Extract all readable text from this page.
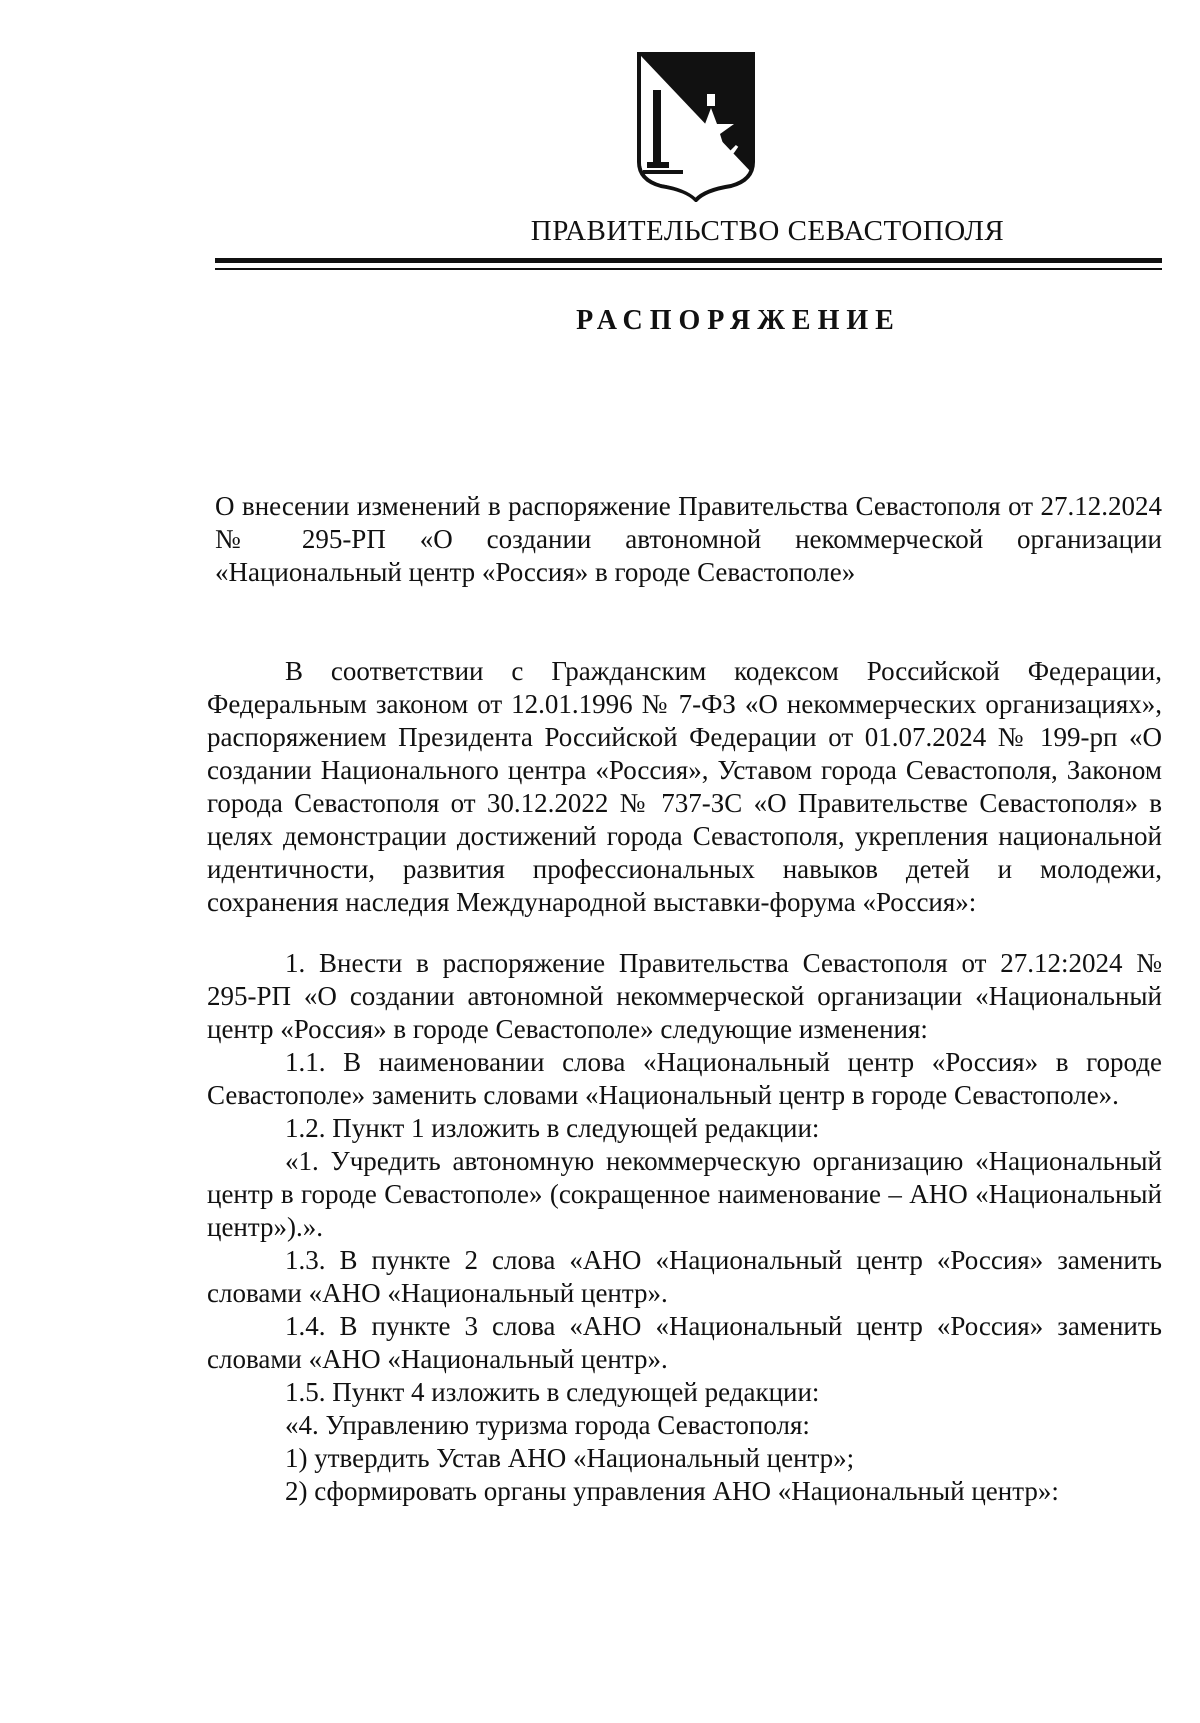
ПРАВИТЕЛЬСТВО СЕВАСТОПОЛЯ
РАСПОРЯЖЕНИЕ
О внесении изменений в распоряжение Правительства Севастополя от 27.12.2024 № 295-РП «О создании автономной некоммерческой организации «Национальный центр «Россия» в городе Севастополе»

В соответствии с Гражданским кодексом Российской Федерации, Федеральным законом от 12.01.1996 № 7-ФЗ «О некоммерческих организациях», распоряжением Президента Российской Федерации от 01.07.2024 № 199-рп «О создании Национального центра «Россия», Уставом города Севастополя, Законом города Севастополя от 30.12.2022 № 737-ЗС «О Правительстве Севастополя» в целях демонстрации достижений города Севастополя, укрепления национальной идентичности, развития профессиональных навыков детей и молодежи, сохранения наследия Международной выставки-форума «Россия»:

1. Внести в распоряжение Правительства Севастополя от 27.12:2024 № 295-РП «О создании автономной некоммерческой организации «Национальный центр «Россия» в городе Севастополе» следующие изменения:

1.1. В наименовании слова «Национальный центр «Россия» в городе Севастополе» заменить словами «Национальный центр в городе Севастополе».

1.2. Пункт 1 изложить в следующей редакции:

«1. Учредить автономную некоммерческую организацию «Национальный центр в городе Севастополе» (сокращенное наименование – АНО «Национальный центр»).».

1.3. В пункте 2 слова «АНО «Национальный центр «Россия» заменить словами «АНО «Национальный центр».

1.4. В пункте 3 слова «АНО «Национальный центр «Россия» заменить словами «АНО «Национальный центр».

1.5. Пункт 4 изложить в следующей редакции:

«4. Управлению туризма города Севастополя:

1) утвердить Устав АНО «Национальный центр»;

2) сформировать органы управления АНО «Национальный центр»:
